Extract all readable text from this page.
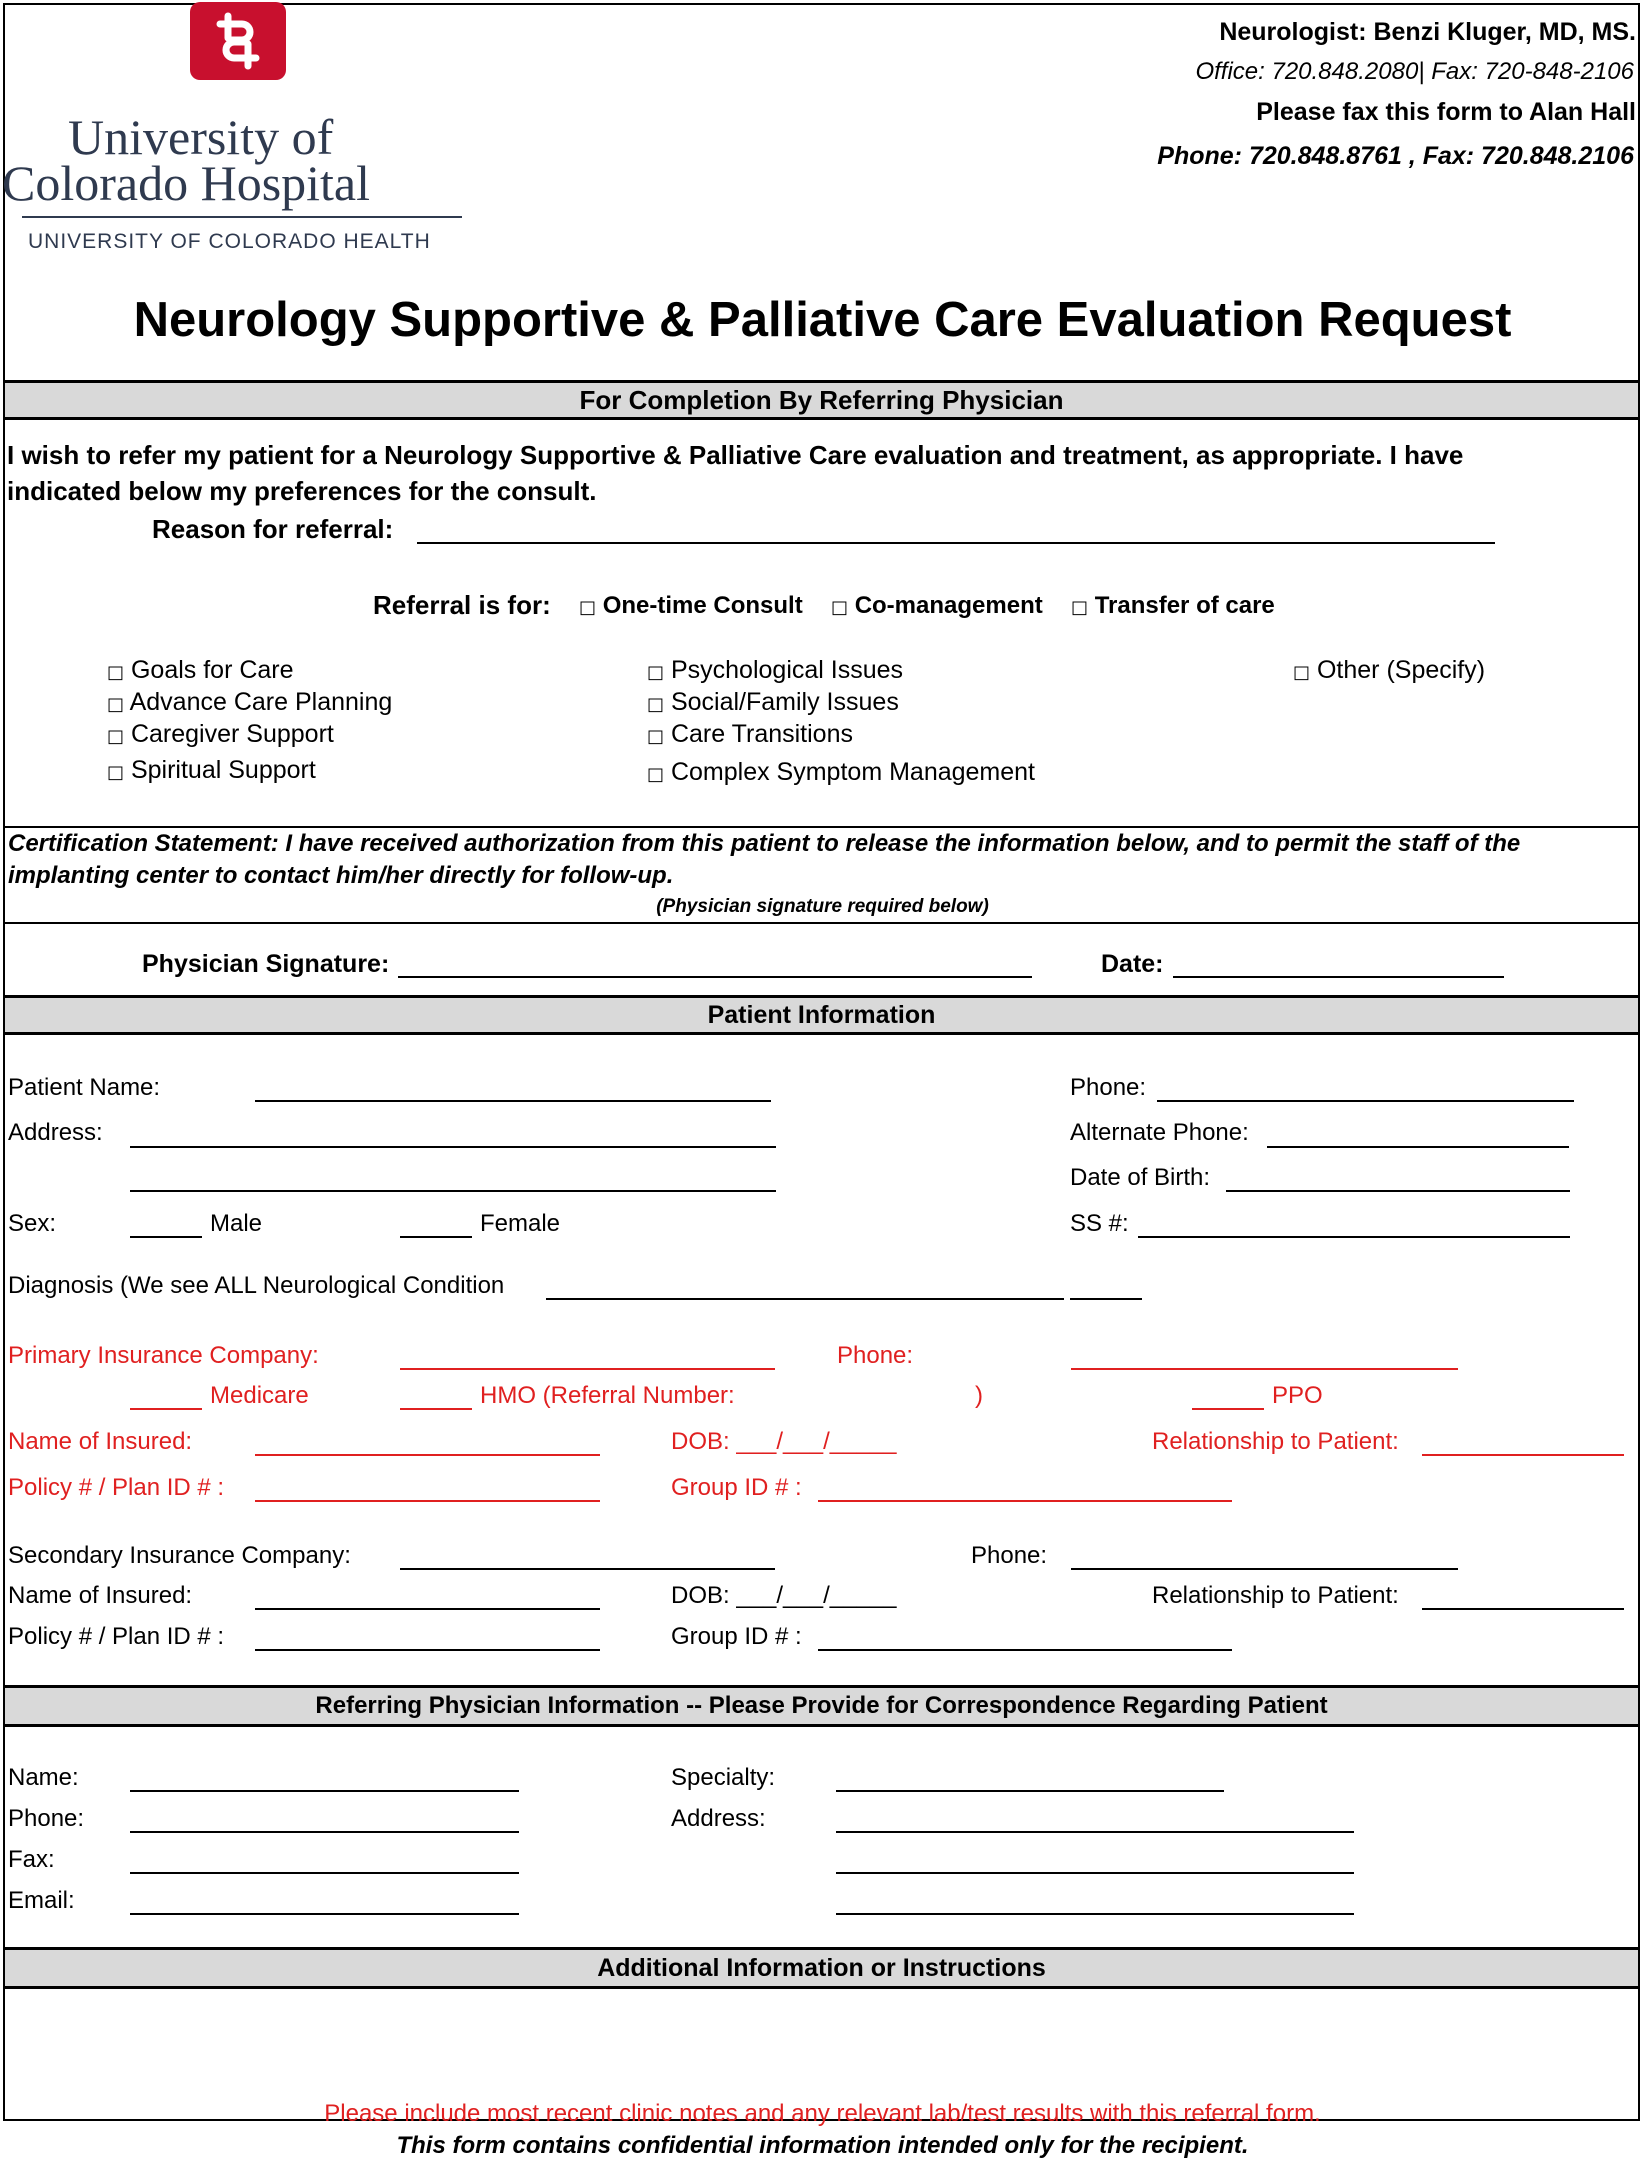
University of
Colorado Hospital
UNIVERSITY OF COLORADO HEALTH
Neurologist: Benzi Kluger, MD, MS.
Office: 720.848.2080| Fax: 720-848-2106
Please fax this form to Alan Hall
Phone: 720.848.8761 , Fax: 720.848.2106
Neurology Supportive & Palliative Care Evaluation Request
For Completion By Referring Physician
I wish to refer my patient for a Neurology Supportive & Palliative Care evaluation and treatment, as appropriate. I have
indicated below my preferences for the consult.
Reason for referral:
Referral is for: □ One-time Consult □ Co-management □ Transfer of care
□ Goals for Care
□ Advance Care Planning
□ Caregiver Support
□ Spiritual Support
□ Psychological Issues
□ Social/Family Issues
□ Care Transitions
□ Complex Symptom Management
□ Other (Specify)
Certification Statement: I have received authorization from this patient to release the information below, and to permit the staff of the
implanting center to contact him/her directly for follow-up.
(Physician signature required below)
Physician Signature:	Date:
Patient Information
Patient Name:	Phone:
Address:	Alternate Phone:
Date of Birth:
Sex:	Male	Female	SS #:
Diagnosis (We see ALL Neurological Condition
Primary Insurance Company:	Phone:
Medicare	HMO (Referral Number:	)	PPO
Name of Insured:	DOB: ___/___/_____	Relationship to Patient:
Policy # / Plan ID # :	Group ID # :
Secondary Insurance Company:	Phone:
Name of Insured:	DOB: ___/___/_____	Relationship to Patient:
Policy # / Plan ID # :	Group ID # :
Referring Physician Information -- Please Provide for Correspondence Regarding Patient
Name:	Specialty:
Phone:	Address:
Fax:
Email:
Additional Information or Instructions
Please include most recent clinic notes and any relevant lab/test results with this referral form.
This form contains confidential information intended only for the recipient.
